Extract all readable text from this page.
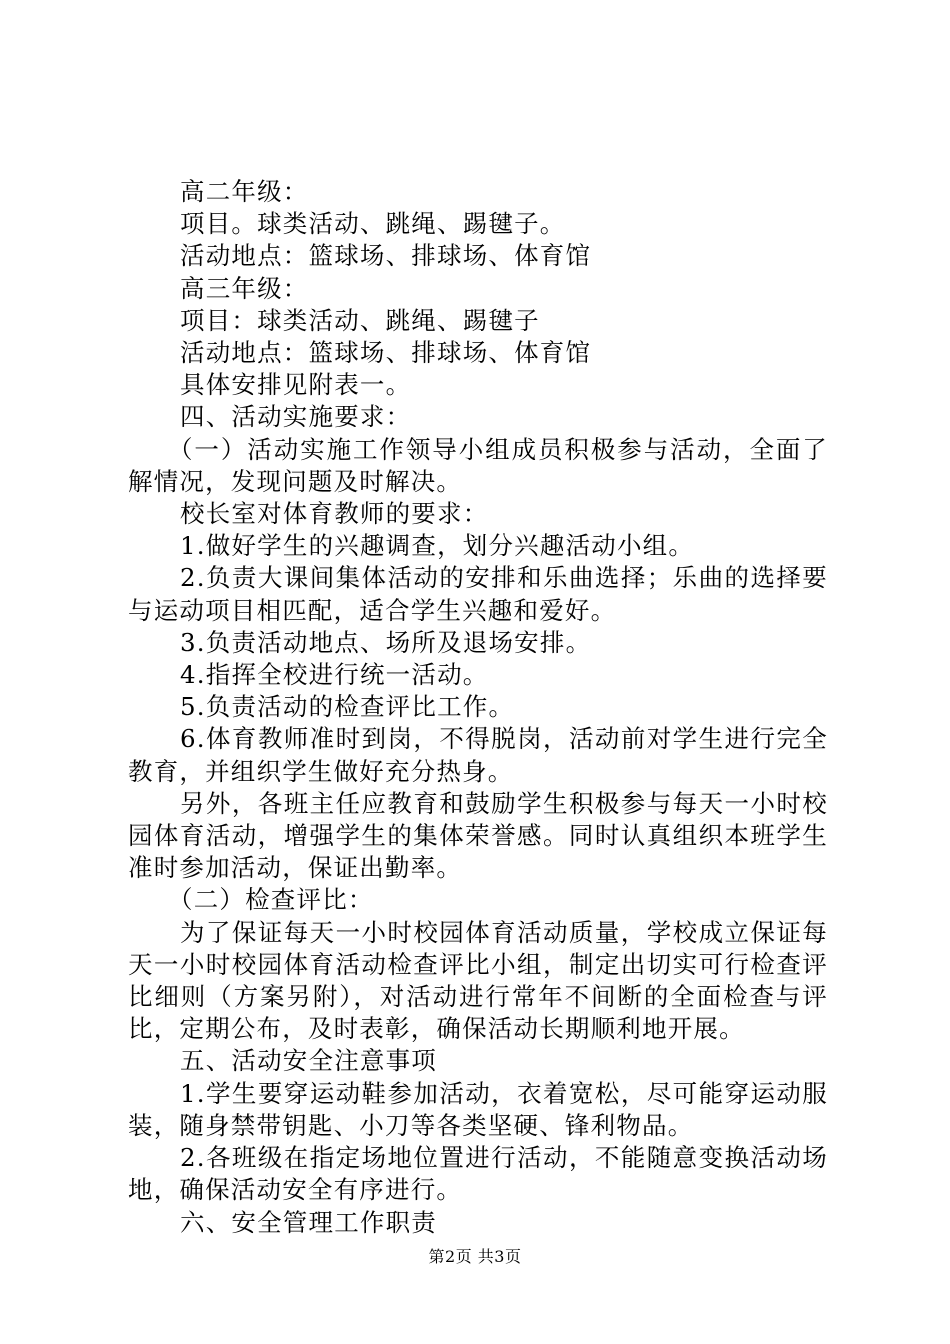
高二年级：

项目。球类活动、跳绳、踢毽子。

活动地点：篮球场、排球场、体育馆

高三年级：

项目：球类活动、跳绳、踢毽子

活动地点：篮球场、排球场、体育馆

具体安排见附表一。

四、活动实施要求：

（一）活动实施工作领导小组成员积极参与活动，全面了解情况，发现问题及时解决。

校长室对体育教师的要求：

1.做好学生的兴趣调查，划分兴趣活动小组。

2.负责大课间集体活动的安排和乐曲选择；乐曲的选择要与运动项目相匹配，适合学生兴趣和爱好。

3.负责活动地点、场所及退场安排。

4.指挥全校进行统一活动。

5.负责活动的检查评比工作。

6.体育教师准时到岗，不得脱岗，活动前对学生进行完全教育，并组织学生做好充分热身。

另外，各班主任应教育和鼓励学生积极参与每天一小时校园体育活动，增强学生的集体荣誉感。同时认真组织本班学生准时参加活动，保证出勤率。

（二）检查评比：

为了保证每天一小时校园体育活动质量，学校成立保证每天一小时校园体育活动检查评比小组，制定出切实可行检查评比细则（方案另附），对活动进行常年不间断的全面检查与评比，定期公布，及时表彰，确保活动长期顺利地开展。

五、活动安全注意事项

1.学生要穿运动鞋参加活动，衣着宽松，尽可能穿运动服装，随身禁带钥匙、小刀等各类坚硬、锋利物品。

2.各班级在指定场地位置进行活动，不能随意变换活动场地，确保活动安全有序进行。

六、安全管理工作职责

第2页 共3页
